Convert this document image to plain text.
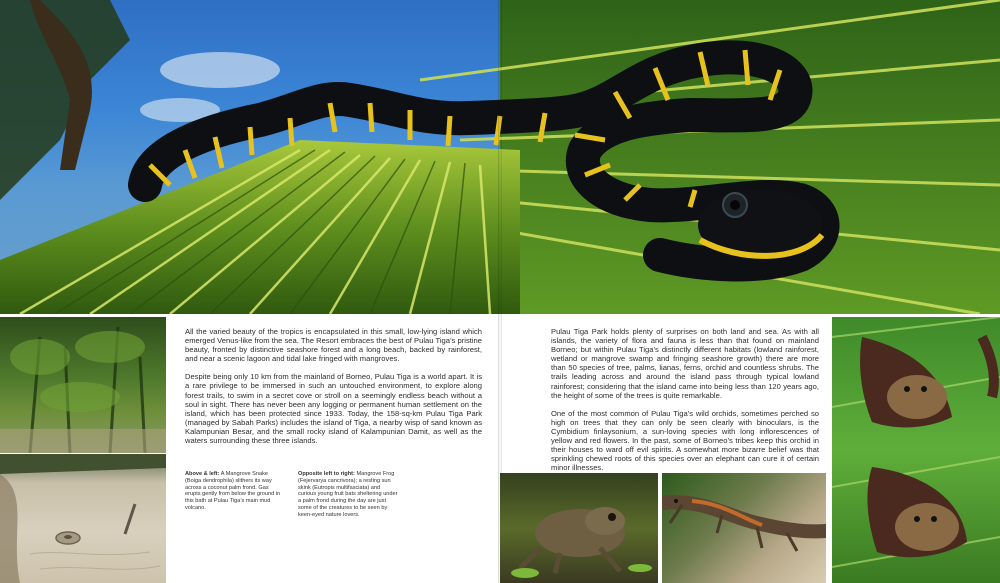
All the varied beauty of the tropics is encapsulated in this small, low-lying island which emerged Venus-like from the sea. The Resort embraces the best of Pulau Tiga’s pristine beauty, fronted by distinctive seashore forest and a long beach, backed by rainforest, and near a scenic lagoon and tidal lake fringed with mangroves.

Despite being only 10 km from the mainland of Borneo, Pulau Tiga is a world apart. It is a rare privilege to be immersed in such an untouched environment, to explore along forest trails, to swim in a secret cove or stroll on a seemingly endless beach without a soul in sight. There has never been any logging or permanent human settlement on the island, which has been protected since 1933. Today, the 158-sq-km Pulau Tiga Park (managed by Sabah Parks) includes the island of Tiga, a nearby wisp of sand known as Kalampunian Besar, and the small rocky island of Kalampunian Damit, as well as the waters surrounding these three islands.

Above & left: A Mangrove Snake (Boiga dendrophila) slithers its way across a coconut palm frond. Gas erupts gently from below the ground in this bath at Pulau Tiga’s main mud volcano.
Opposite left to right: Mangrove Frog (Fejervarya cancrivora); a resting sun skink (Eutropis multifasciata) and curious young fruit bats sheltering under a palm frond during the day are just some of the creatures to be seen by keen-eyed nature lovers.

Pulau Tiga Park holds plenty of surprises on both land and sea. As with all islands, the variety of flora and fauna is less than that found on mainland Borneo; but within Pulau Tiga’s distinctly different habitats (lowland rainforest, wetland or mangrove swamp and fringing seashore growth) there are more than 50 species of tree, palms, lianas, ferns, orchid and countless shrubs. The trails leading across and around the island pass through typical lowland rainforest; considering that the island came into being less than 120 years ago, the height of some of the trees is quite remarkable.

One of the most common of Pulau Tiga’s wild orchids, sometimes perched so high on trees that they can only be seen clearly with binoculars, is the Cymbidium finlaysonium, a sun-loving species with long inflorescences of yellow and red flowers. In the past, some of Borneo’s tribes keep this orchid in their houses to ward off evil spirits. A somewhat more bizarre belief was that sprinkling chewed roots of this species over an elephant can cure it of certain minor illnesses.
